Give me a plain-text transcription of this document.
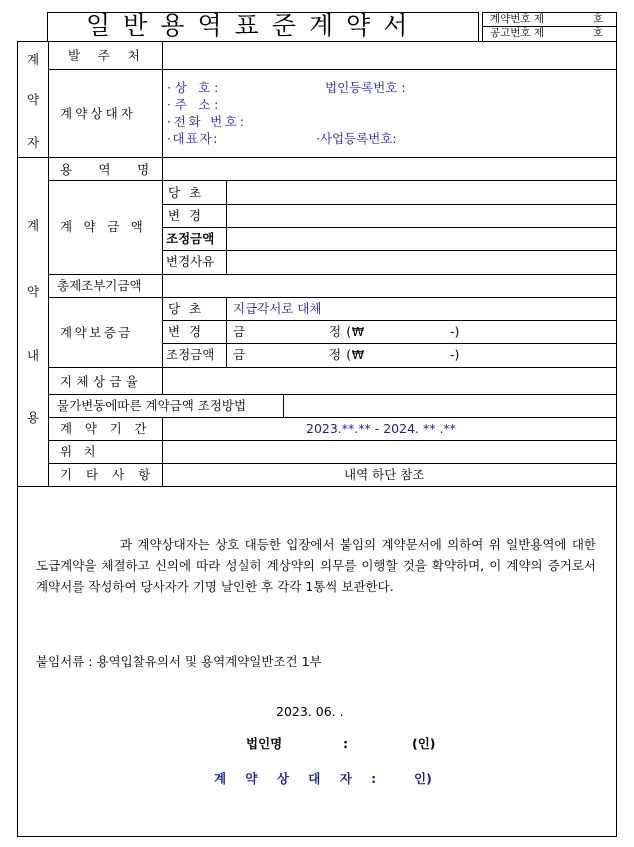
일반용역표준계약서	계약번호 제	호
공고번호 제	호
계
약
자
발 주 처
계약상대자
·상 호:	법인등록번호 :
·주 소:
·전화 번호:
·대표자:	·사업등록번호:
계
약
내
용
용 역 명
계 약 금 액
당 초
변 경
조정금액
변경사유
총제조부기금액
계약보증금
당 초 지급각서로 대체
변 경 금	정 (₩	-)
조정금액 금	정 (₩	-)
지체상금율
물가변동에따른 계약금액 조정방법
계 약 기 간	2023.**.** - 2024. ** .**
위 치
기 타 사 항	내역 하단 참조
과 계약상대자는 상호 대등한 입장에서 붙임의 계약문서에 의하여 위 일반용역에 대한 도급계약을 체결하고 신의에 따라 성실히 계상약의 의무를 이행할 것을 확약하며, 이 계약의 증거로서 계약서를 작성하여 당사자가 기명 날인한 후 각각 1통씩 보관한다.
붙임서류 : 용역입찰유의서 및 용역계약일반조건 1부
2023. 06. .
법인명	:	(인)
계 약 상 대 자 : 인)
